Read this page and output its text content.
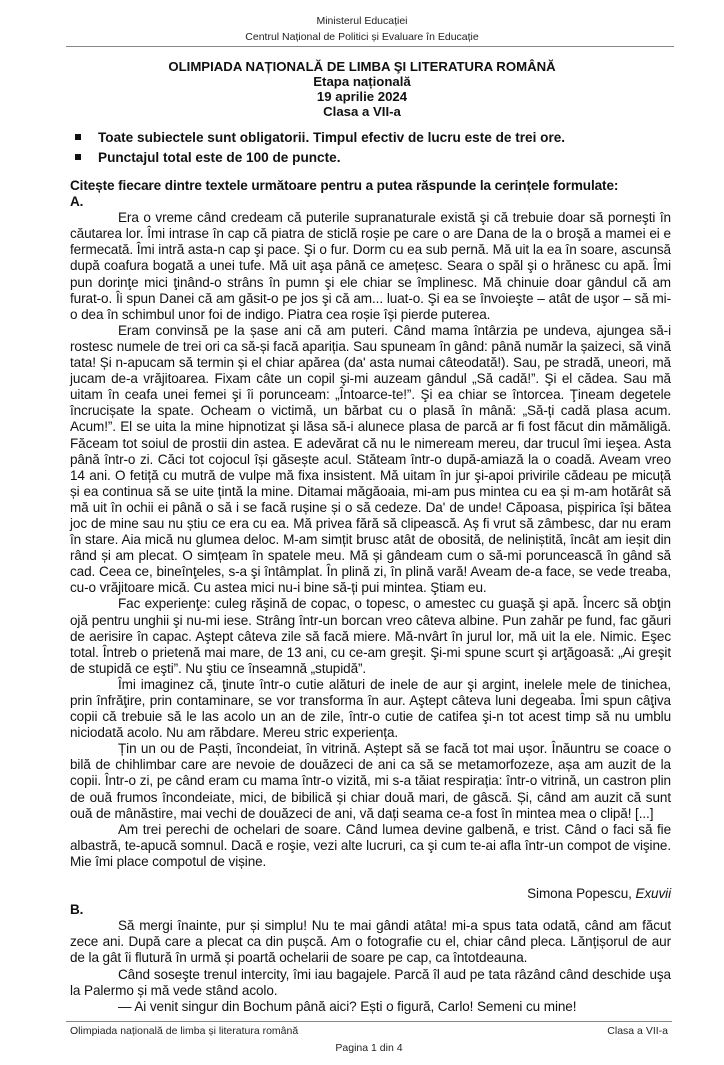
Ministerul Educației
Centrul Național de Politici și Evaluare în Educație
OLIMPIADA NAȚIONALĂ DE LIMBA ŞI LITERATURA ROMÂNĂ
Etapa națională
19 aprilie 2024
Clasa a VII-a
Toate subiectele sunt obligatorii. Timpul efectiv de lucru este de trei ore.
Punctajul total este de 100 de puncte.
Citește fiecare dintre textele următoare pentru a putea răspunde la cerințele formulate:
A.

Era o vreme când credeam că puterile supranaturale există şi că trebuie doar să porneşti în căutarea lor. Îmi intrase în cap că piatra de sticlă roșie pe care o are Dana de la o broşă a mamei ei e fermecată. Îmi intră asta-n cap şi pace. Şi o fur. Dorm cu ea sub pernă. Mă uit la ea în soare, ascunsă după coafura bogată a unei tufe. Mă uit aşa până ce amețesc. Seara o spăl şi o hrănesc cu apă. Îmi pun dorinţe mici ţinând-o strâns în pumn şi ele chiar se împlinesc. Mă chinuie doar gândul că am furat-o. Îi spun Danei că am găsit-o pe jos şi că am... luat-o. Şi ea se învoieşte – atât de uşor – să mi-o dea în schimbul unor foi de indigo. Piatra cea roșie își pierde puterea.

Eram convinsă pe la șase ani că am puteri. Când mama întârzia pe undeva, ajungea să-i rostesc numele de trei ori ca să-și facă apariția. Sau spuneam în gând: până număr la șaizeci, să vină tata! Și n-apucam să termin și el chiar apărea (da' asta numai câteodată!). Sau, pe stradă, uneori, mă jucam de-a vrăjitoarea. Fixam câte un copil şi-mi auzeam gândul „Să cadă!”. Şi el cădea. Sau mă uitam în ceafa unei femei şi îi porunceam: „Întoarce-te!”. Şi ea chiar se întorcea. Ţineam degetele încrucișate la spate. Ocheam o victimă, un bărbat cu o plasă în mână: „Să-ți cadă plasa acum. Acum!”. El se uita la mine hipnotizat şi lăsa să-i alunece plasa de parcă ar fi fost făcut din mămăligă. Făceam tot soiul de prostii din astea. E adevărat că nu le nimeream mereu, dar trucul îmi ieşea. Asta până într-o zi. Căci tot cojocul își găsește acul. Stăteam într-o după-amiază la o coadă. Aveam vreo 14 ani. O fetiță cu mutră de vulpe mă fixa insistent. Mă uitam în jur şi-apoi privirile cădeau pe micuță și ea continua să se uite țintă la mine. Ditamai măgăoaia, mi-am pus mintea cu ea și m-am hotărât să mă uit în ochii ei până o să i se facă rușine și o să cedeze. Da' de unde! Căpoasa, pișpirica își bătea joc de mine sau nu știu ce era cu ea. Mă privea fără să clipească. Aș fi vrut să zâmbesc, dar nu eram în stare. Aia mică nu glumea deloc. M-am simțit brusc atât de obosită, de neliniștită, încât am ieșit din rând și am plecat. O simțeam în spatele meu. Mă și gândeam cum o să-mi poruncească în gând să cad. Ceea ce, bineînţeles, s-a şi întâmplat. În plină zi, în plină vară! Aveam de-a face, se vede treaba, cu-o vrăjitoare mică. Cu astea mici nu-i bine să-ți pui mintea. Ştiam eu.

Fac experienţe: culeg răşină de copac, o topesc, o amestec cu guaşă şi apă. Încerc să obţin ojă pentru unghii şi nu-mi iese. Strâng într-un borcan vreo câteva albine. Pun zahăr pe fund, fac găuri de aerisire în capac. Aştept câteva zile să facă miere. Mă-nvârt în jurul lor, mă uit la ele. Nimic. Eşec total. Întreb o prietenă mai mare, de 13 ani, cu ce-am greşit. Şi-mi spune scurt şi arţăgoasă: „Ai greşit de stupidă ce eşti”. Nu ştiu ce înseamnă „stupidă”.

Îmi imaginez că, ţinute într-o cutie alături de inele de aur şi argint, inelele mele de tinichea, prin înfrăţire, prin contaminare, se vor transforma în aur. Aştept câteva luni degeaba. Îmi spun câţiva copii că trebuie să le las acolo un an de zile, într-o cutie de catifea şi-n tot acest timp să nu umblu niciodată acolo. Nu am răbdare. Mereu stric experiența.

Țin un ou de Paști, încondeiat, în vitrină. Aștept să se facă tot mai ușor. Înăuntru se coace o bilă de chihlimbar care are nevoie de douăzeci de ani ca să se metamorfozeze, așa am auzit de la copii. Într-o zi, pe când eram cu mama într-o vizită, mi s-a tăiat respirația: într-o vitrină, un castron plin de ouă frumos încondeiate, mici, de bibilică și chiar două mari, de gâscă. Și, când am auzit că sunt ouă de mânăstire, mai vechi de douăzeci de ani, vă dați seama ce-a fost în mintea mea o clipă! [...]

Am trei perechi de ochelari de soare. Când lumea devine galbenă, e trist. Când o faci să fie albastră, te-apucă somnul. Dacă e roşie, vezi alte lucruri, ca şi cum te-ai afla într-un compot de vişine. Mie îmi place compotul de vișine.

Simona Popescu, Exuvii
B.

Să mergi înainte, pur și simplu! Nu te mai gândi atâta! mi-a spus tata odată, când am făcut zece ani. După care a plecat ca din pușcă. Am o fotografie cu el, chiar când pleca. Lănțișorul de aur de la gât îi flutură în urmă și poartă ochelarii de soare pe cap, ca întotdeauna.

Când soseşte trenul intercity, îmi iau bagajele. Parcă îl aud pe tata râzând când deschide uşa la Palermo și mă vede stând acolo.

— Ai venit singur din Bochum până aici? Ești o figură, Carlo! Semeni cu mine!

Olimpiada națională de limba și literatura română	Clasa a VII-a
Pagina 1 din 4
